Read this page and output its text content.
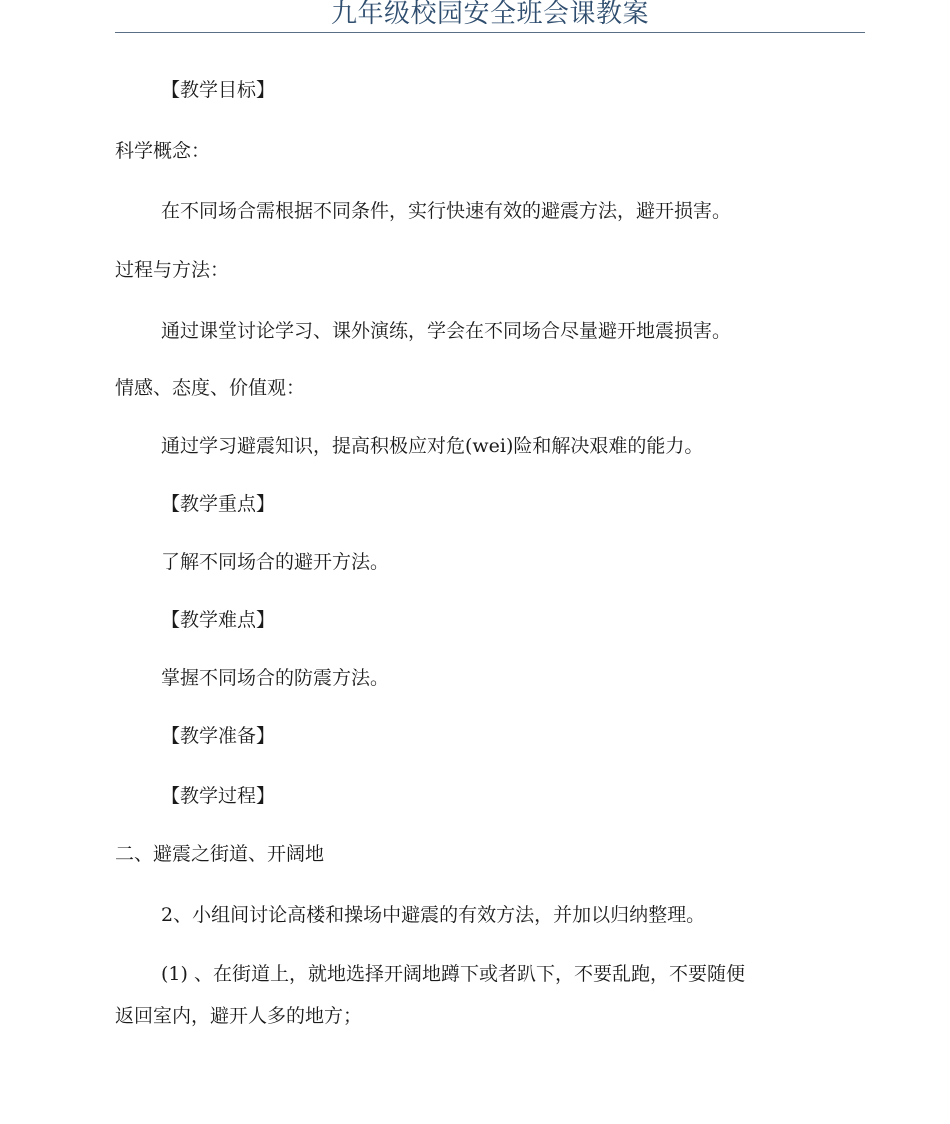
九年级校园安全班会课教案
【教学目标】
科学概念：
在不同场合需根据不同条件，实行快速有效的避震方法，避开损害。
过程与方法：
通过课堂讨论学习、课外演练，学会在不同场合尽量避开地震损害。
情感、态度、价值观：
通过学习避震知识，提高积极应对危(wei)险和解决艰难的能力。
【教学重点】
了解不同场合的避开方法。
【教学难点】
掌握不同场合的防震方法。
【教学准备】
【教学过程】
二、避震之街道、开阔地
2、小组间讨论高楼和操场中避震的有效方法，并加以归纳整理。
(1) 、在街道上，就地选择开阔地蹲下或者趴下，不要乱跑，不要随便
返回室内，避开人多的地方；
